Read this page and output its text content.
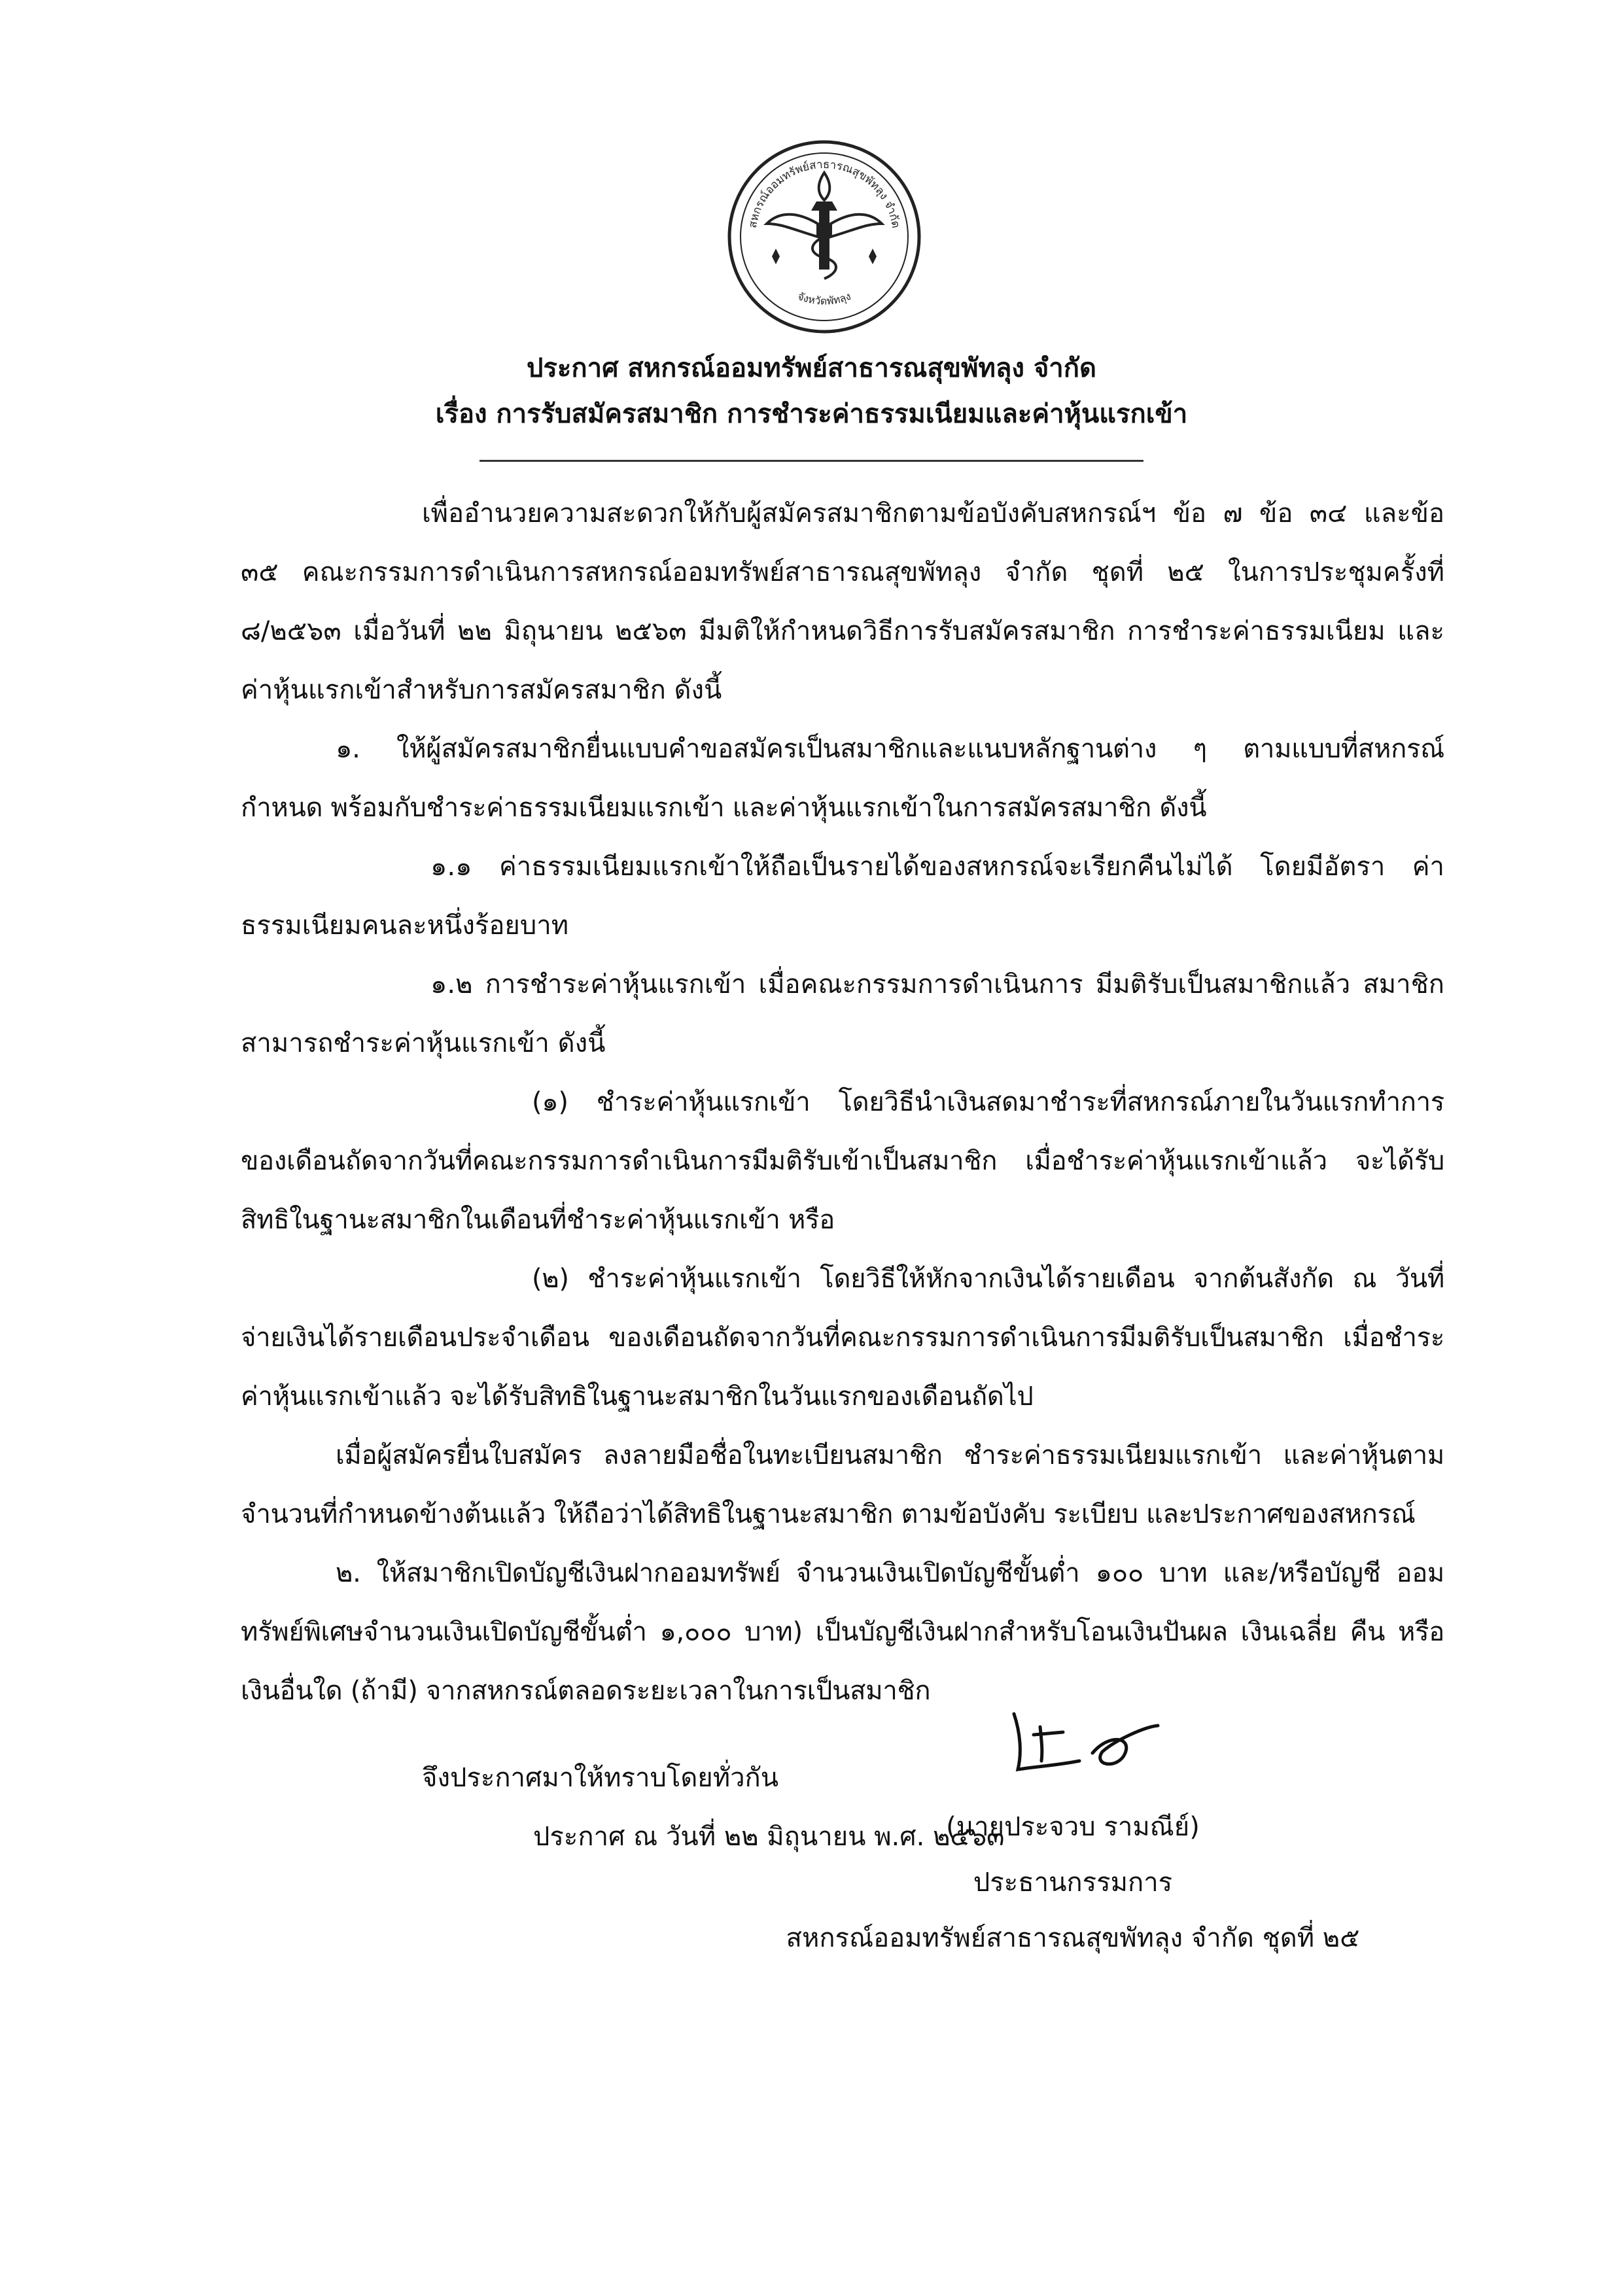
สหกรณ์ออมทรัพย์สาธารณสุขพัทลุง จำกัด
จังหวัดพัทลุง
ประกาศ สหกรณ์ออมทรัพย์สาธารณสุขพัทลุง จำกัด
เรื่อง การรับสมัครสมาชิก การชำระค่าธรรมเนียมและค่าหุ้นแรกเข้า
เพื่ออำนวยความสะดวกให้กับผู้สมัครสมาชิกตามข้อบังคับสหกรณ์ฯ ข้อ ๗ ข้อ ๓๔ และข้อ ๓๕ คณะกรรมการดำเนินการสหกรณ์ออมทรัพย์สาธารณสุขพัทลุง จำกัด ชุดที่ ๒๕ ในการประชุมครั้งที่ ๘/๒๕๖๓ เมื่อวันที่ ๒๒ มิถุนายน ๒๕๖๓ มีมติให้กำหนดวิธีการรับสมัครสมาชิก การชำระค่าธรรมเนียม และค่าหุ้นแรกเข้าสำหรับการสมัครสมาชิก ดังนี้
๑. ให้ผู้สมัครสมาชิกยื่นแบบคำขอสมัครเป็นสมาชิกและแนบหลักฐานต่าง ๆ ตามแบบที่สหกรณ์ กำหนด พร้อมกับชำระค่าธรรมเนียมแรกเข้า และค่าหุ้นแรกเข้าในการสมัครสมาชิก ดังนี้
๑.๑ ค่าธรรมเนียมแรกเข้าให้ถือเป็นรายได้ของสหกรณ์จะเรียกคืนไม่ได้ โดยมีอัตรา ค่าธรรมเนียมคนละหนึ่งร้อยบาท
๑.๒ การชำระค่าหุ้นแรกเข้า เมื่อคณะกรรมการดำเนินการ มีมติรับเป็นสมาชิกแล้ว สมาชิก สามารถชำระค่าหุ้นแรกเข้า ดังนี้
(๑) ชำระค่าหุ้นแรกเข้า โดยวิธีนำเงินสดมาชำระที่สหกรณ์ภายในวันแรกทำการ ของเดือนถัดจากวันที่คณะกรรมการดำเนินการมีมติรับเข้าเป็นสมาชิก เมื่อชำระค่าหุ้นแรกเข้าแล้ว จะได้รับ สิทธิในฐานะสมาชิกในเดือนที่ชำระค่าหุ้นแรกเข้า หรือ
(๒) ชำระค่าหุ้นแรกเข้า โดยวิธีให้หักจากเงินได้รายเดือน จากต้นสังกัด ณ วันที่ จ่ายเงินได้รายเดือนประจำเดือน ของเดือนถัดจากวันที่คณะกรรมการดำเนินการมีมติรับเป็นสมาชิก เมื่อชำระ ค่าหุ้นแรกเข้าแล้ว จะได้รับสิทธิในฐานะสมาชิกในวันแรกของเดือนถัดไป
เมื่อผู้สมัครยื่นใบสมัคร ลงลายมือชื่อในทะเบียนสมาชิก ชำระค่าธรรมเนียมแรกเข้า และค่าหุ้นตาม จำนวนที่กำหนดข้างต้นแล้ว ให้ถือว่าได้สิทธิในฐานะสมาชิก ตามข้อบังคับ ระเบียบ และประกาศของสหกรณ์
๒. ให้สมาชิกเปิดบัญชีเงินฝากออมทรัพย์ จำนวนเงินเปิดบัญชีขั้นต่ำ ๑๐๐ บาท และ/หรือบัญชี ออมทรัพย์พิเศษจำนวนเงินเปิดบัญชีขั้นต่ำ ๑,๐๐๐ บาท) เป็นบัญชีเงินฝากสำหรับโอนเงินปันผล เงินเฉลี่ย คืน หรือเงินอื่นใด (ถ้ามี) จากสหกรณ์ตลอดระยะเวลาในการเป็นสมาชิก
จึงประกาศมาให้ทราบโดยทั่วกัน
ประกาศ ณ วันที่ ๒๒ มิถุนายน พ.ศ. ๒๕๖๓
(นายประจวบ รามณีย์)
ประธานกรรมการ
สหกรณ์ออมทรัพย์สาธารณสุขพัทลุง จำกัด ชุดที่ ๒๕
